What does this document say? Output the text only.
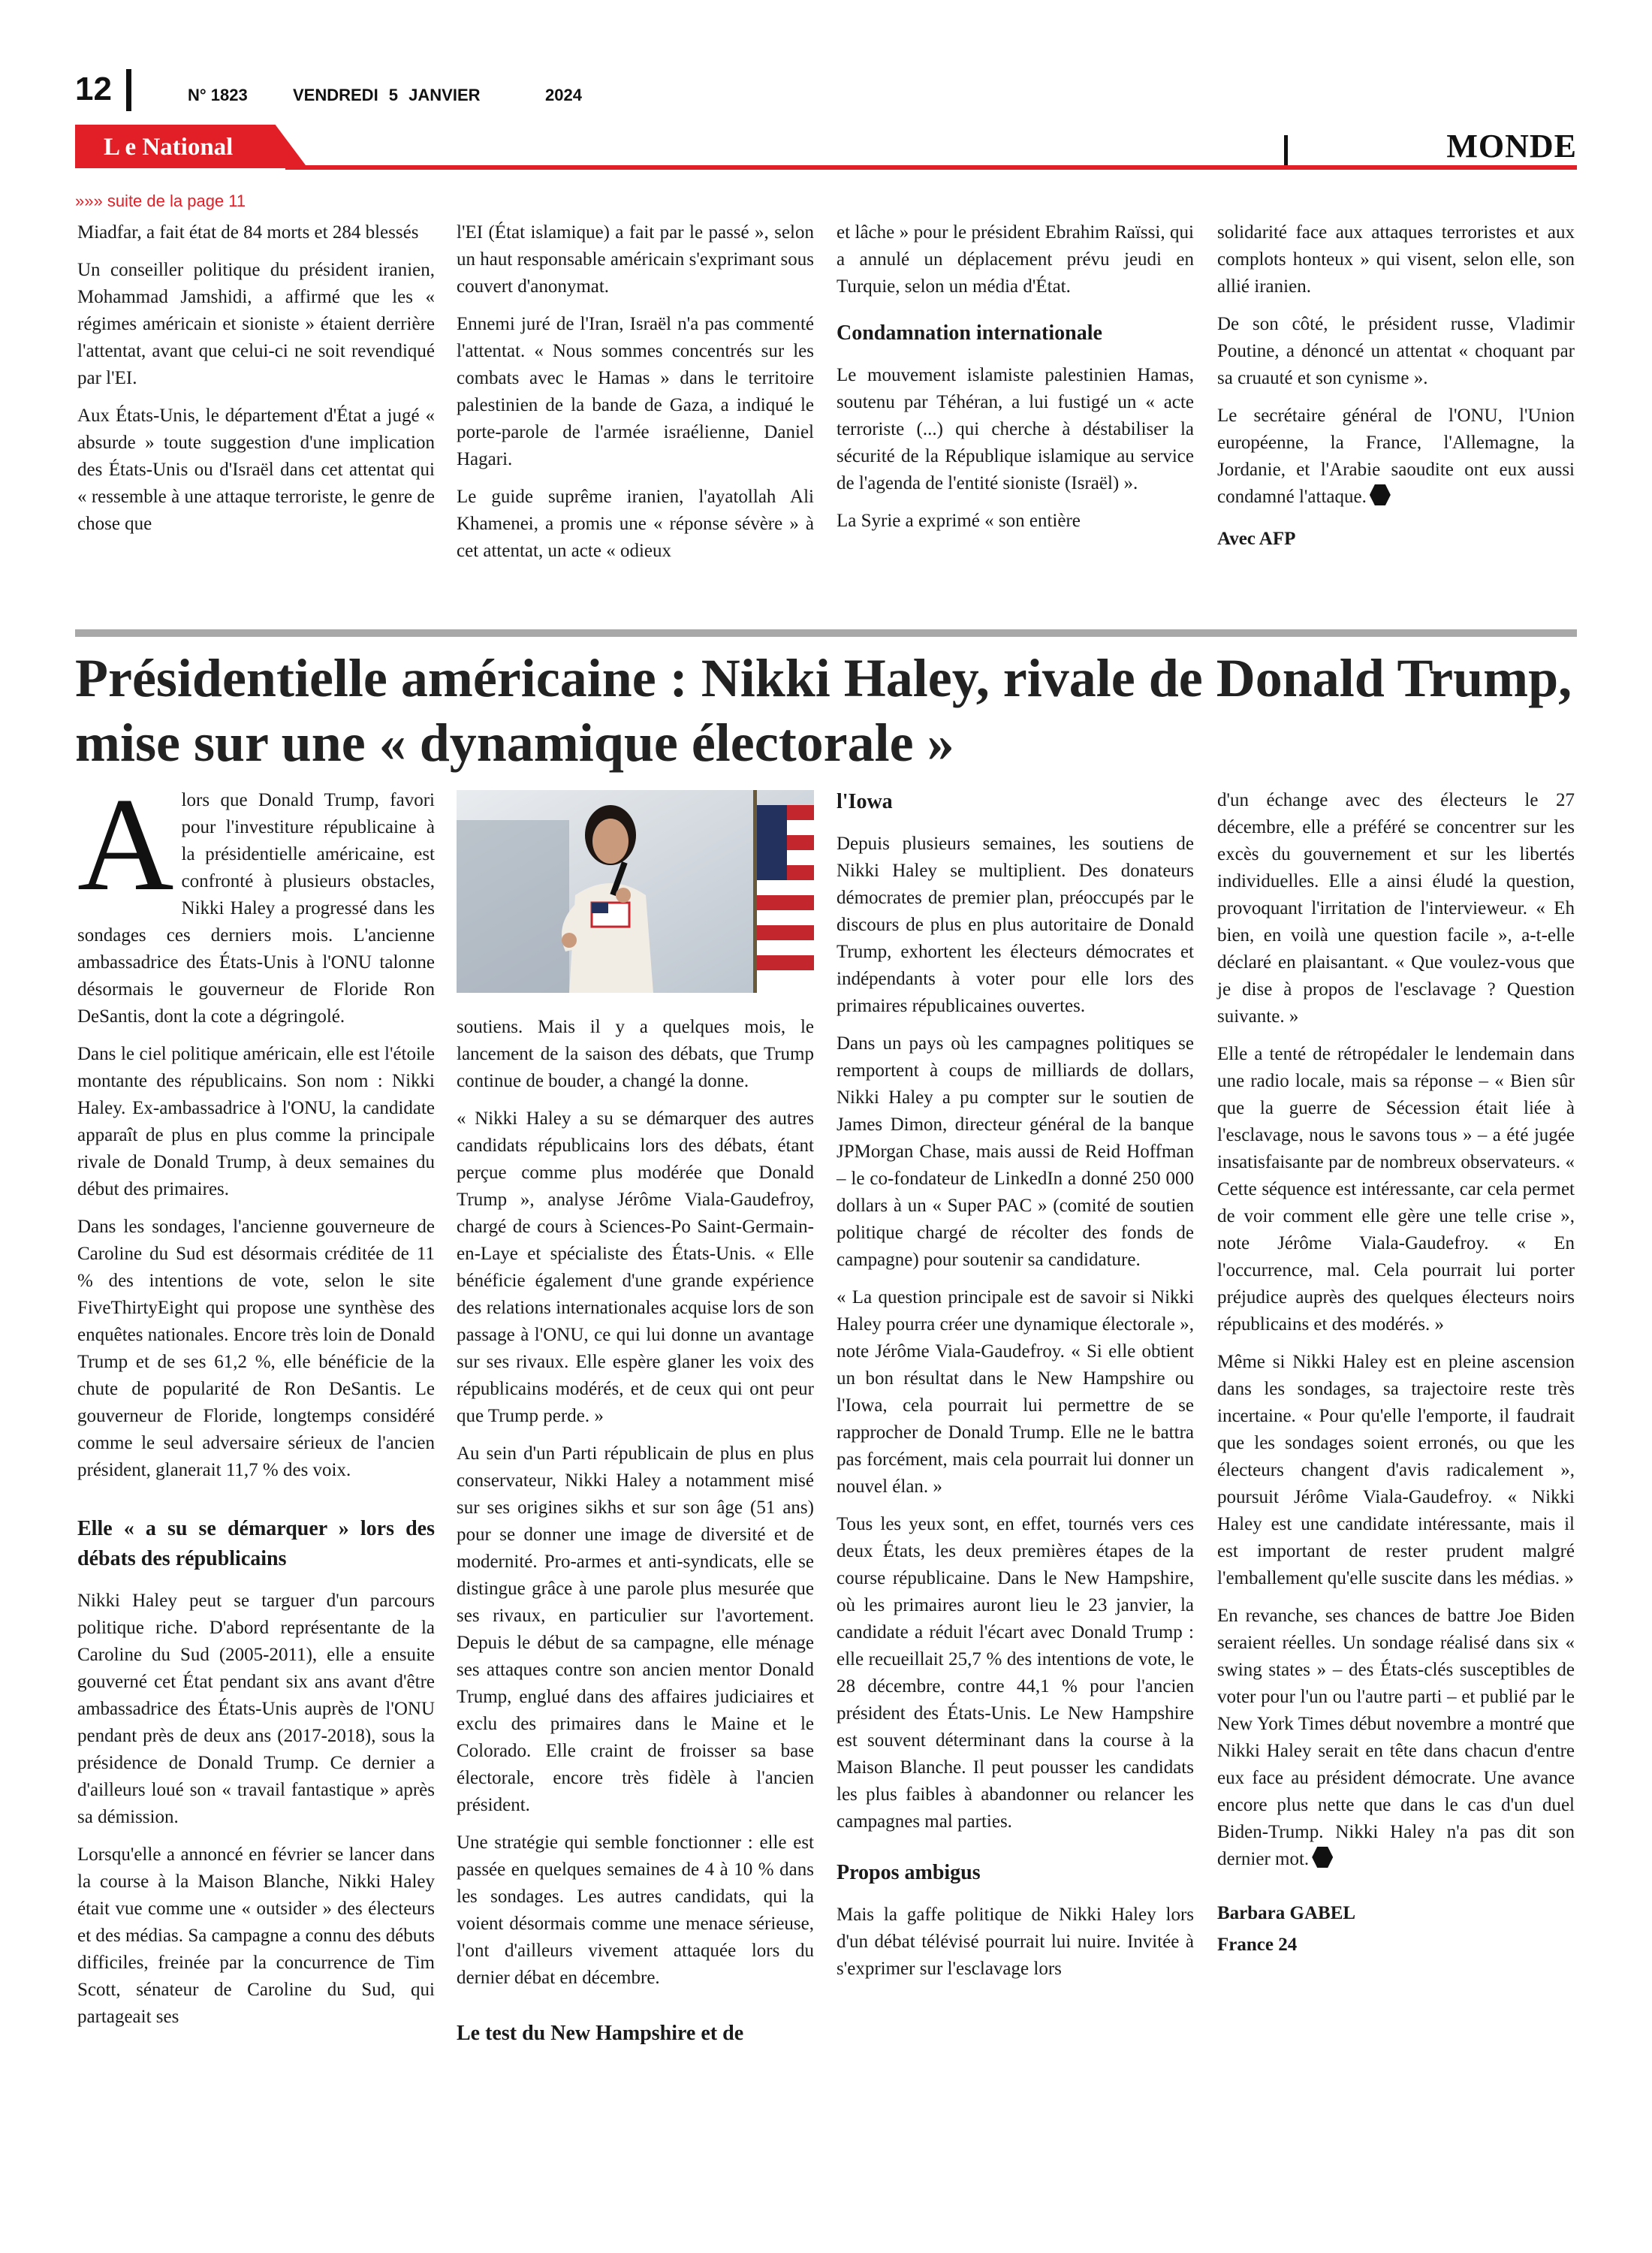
12	N° 1823	VENDREDI 5 JANVIER	2024
L e National	MONDE
»»» suite de la page 11

Miadfar, a fait état de 84 morts et 284 blessés

Un conseiller politique du président iranien, Mohammad Jamshidi, a affirmé que les « régimes américain et sioniste » étaient derrière l'attentat, avant que celui-ci ne soit revendiqué par l'EI.

Aux États-Unis, le département d'État a jugé « absurde » toute suggestion d'une implication des États-Unis ou d'Israël dans cet attentat qui « ressemble à une attaque terroriste, le genre de chose que

l'EI (État islamique) a fait par le passé », selon un haut responsable américain s'exprimant sous couvert d'anonymat.

Ennemi juré de l'Iran, Israël n'a pas commenté l'attentat. « Nous sommes concentrés sur les combats avec le Hamas » dans le territoire palestinien de la bande de Gaza, a indiqué le porte-parole de l'armée israélienne, Daniel Hagari.

Le guide suprême iranien, l'ayatollah Ali Khamenei, a promis une « réponse sévère » à cet attentat, un acte « odieux

et lâche » pour le président Ebrahim Raïssi, qui a annulé un déplacement prévu jeudi en Turquie, selon un média d'État.

Condamnation internationale

Le mouvement islamiste palestinien Hamas, soutenu par Téhéran, a lui fustigé un « acte terroriste (...) qui cherche à déstabiliser la sécurité de la République islamique au service de l'agenda de l'entité sioniste (Israël) ».

La Syrie a exprimé « son entière

solidarité face aux attaques terroristes et aux complots honteux » qui visent, selon elle, son allié iranien.

De son côté, le président russe, Vladimir Poutine, a dénoncé un attentat « choquant par sa cruauté et son cynisme ».

Le secrétaire général de l'ONU, l'Union européenne, la France, l'Allemagne, la Jordanie, et l'Arabie saoudite ont eux aussi condamné l'attaque.

Avec AFP
Présidentielle américaine : Nikki Haley, rivale de Donald Trump, mise sur une « dynamique électorale »

Alors que Donald Trump, favori pour l'investiture républicaine à la présidentielle américaine, est confronté à plusieurs obstacles, Nikki Haley a progressé dans les sondages ces derniers mois. L'ancienne ambassadrice des États-Unis à l'ONU talonne désormais le gouverneur de Floride Ron DeSantis, dont la cote a dégringolé.

Dans le ciel politique américain, elle est l'étoile montante des républicains. Son nom : Nikki Haley. Ex-ambassadrice à l'ONU, la candidate apparaît de plus en plus comme la principale rivale de Donald Trump, à deux semaines du début des primaires.

Dans les sondages, l'ancienne gouverneure de Caroline du Sud est désormais créditée de 11 % des intentions de vote, selon le site FiveThirtyEight qui propose une synthèse des enquêtes nationales. Encore très loin de Donald Trump et de ses 61,2 %, elle bénéficie de la chute de popularité de Ron DeSantis. Le gouverneur de Floride, longtemps considéré comme le seul adversaire sérieux de l'ancien président, glanerait 11,7 % des voix.

Elle « a su se démarquer » lors des débats des républicains

Nikki Haley peut se targuer d'un parcours politique riche. D'abord représentante de la Caroline du Sud (2005-2011), elle a ensuite gouverné cet État pendant six ans avant d'être ambassadrice des États-Unis auprès de l'ONU pendant près de deux ans (2017-2018), sous la présidence de Donald Trump. Ce dernier a d'ailleurs loué son « travail fantastique » après sa démission.

Lorsqu'elle a annoncé en février se lancer dans la course à la Maison Blanche, Nikki Haley était vue comme une « outsider » des électeurs et des médias. Sa campagne a connu des débuts difficiles, freinée par la concurrence de Tim Scott, sénateur de Caroline du Sud, qui partageait ses

soutiens. Mais il y a quelques mois, le lancement de la saison des débats, que Trump continue de bouder, a changé la donne.

« Nikki Haley a su se démarquer des autres candidats républicains lors des débats, étant perçue comme plus modérée que Donald Trump », analyse Jérôme Viala-Gaudefroy, chargé de cours à Sciences-Po Saint-Germain-en-Laye et spécialiste des États-Unis. « Elle bénéficie également d'une grande expérience des relations internationales acquise lors de son passage à l'ONU, ce qui lui donne un avantage sur ses rivaux. Elle espère glaner les voix des républicains modérés, et de ceux qui ont peur que Trump perde. »

Au sein d'un Parti républicain de plus en plus conservateur, Nikki Haley a notamment misé sur ses origines sikhs et sur son âge (51 ans) pour se donner une image de diversité et de modernité. Pro-armes et anti-syndicats, elle se distingue grâce à une parole plus mesurée que ses rivaux, en particulier sur l'avortement. Depuis le début de sa campagne, elle ménage ses attaques contre son ancien mentor Donald Trump, englué dans des affaires judiciaires et exclu des primaires dans le Maine et le Colorado. Elle craint de froisser sa base électorale, encore très fidèle à l'ancien président.

Une stratégie qui semble fonctionner : elle est passée en quelques semaines de 4 à 10 % dans les sondages. Les autres candidats, qui la voient désormais comme une menace sérieuse, l'ont d'ailleurs vivement attaquée lors du dernier débat en décembre.

Le test du New Hampshire et de
l'Iowa

Depuis plusieurs semaines, les soutiens de Nikki Haley se multiplient. Des donateurs démocrates de premier plan, préoccupés par le discours de plus en plus autoritaire de Donald Trump, exhortent les électeurs démocrates et indépendants à voter pour elle lors des primaires républicaines ouvertes.

Dans un pays où les campagnes politiques se remportent à coups de milliards de dollars, Nikki Haley a pu compter sur le soutien de James Dimon, directeur général de la banque JPMorgan Chase, mais aussi de Reid Hoffman – le co-fondateur de LinkedIn a donné 250 000 dollars à un « Super PAC » (comité de soutien politique chargé de récolter des fonds de campagne) pour soutenir sa candidature.

« La question principale est de savoir si Nikki Haley pourra créer une dynamique électorale », note Jérôme Viala-Gaudefroy. « Si elle obtient un bon résultat dans le New Hampshire ou l'Iowa, cela pourrait lui permettre de se rapprocher de Donald Trump. Elle ne le battra pas forcément, mais cela pourrait lui donner un nouvel élan. »

Tous les yeux sont, en effet, tournés vers ces deux États, les deux premières étapes de la course républicaine. Dans le New Hampshire, où les primaires auront lieu le 23 janvier, la candidate a réduit l'écart avec Donald Trump : elle recueillait 25,7 % des intentions de vote, le 28 décembre, contre 44,1 % pour l'ancien président des États-Unis. Le New Hampshire est souvent déterminant dans la course à la Maison Blanche. Il peut pousser les candidats les plus faibles à abandonner ou relancer les campagnes mal parties.

Propos ambigus

Mais la gaffe politique de Nikki Haley lors d'un débat télévisé pourrait lui nuire. Invitée à s'exprimer sur l'esclavage lors

d'un échange avec des électeurs le 27 décembre, elle a préféré se concentrer sur les excès du gouvernement et sur les libertés individuelles. Elle a ainsi éludé la question, provoquant l'irritation de l'intervieweur. « Eh bien, en voilà une question facile », a-t-elle déclaré en plaisantant. « Que voulez-vous que je dise à propos de l'esclavage ? Question suivante. »

Elle a tenté de rétropédaler le lendemain dans une radio locale, mais sa réponse – « Bien sûr que la guerre de Sécession était liée à l'esclavage, nous le savons tous » – a été jugée insatisfaisante par de nombreux observateurs. « Cette séquence est intéressante, car cela permet de voir comment elle gère une telle crise », note Jérôme Viala-Gaudefroy. « En l'occurrence, mal. Cela pourrait lui porter préjudice auprès des quelques électeurs noirs républicains et des modérés. »

Même si Nikki Haley est en pleine ascension dans les sondages, sa trajectoire reste très incertaine. « Pour qu'elle l'emporte, il faudrait que les sondages soient erronés, ou que les électeurs changent d'avis radicalement », poursuit Jérôme Viala-Gaudefroy. « Nikki Haley est une candidate intéressante, mais il est important de rester prudent malgré l'emballement qu'elle suscite dans les médias. »

En revanche, ses chances de battre Joe Biden seraient réelles. Un sondage réalisé dans six « swing states » – des États-clés susceptibles de voter pour l'un ou l'autre parti – et publié par le New York Times début novembre a montré que Nikki Haley serait en tête dans chacun d'entre eux face au président démocrate. Une avance encore plus nette que dans le cas d'un duel Biden-Trump. Nikki Haley n'a pas dit son dernier mot.

Barbara GABEL
France 24
